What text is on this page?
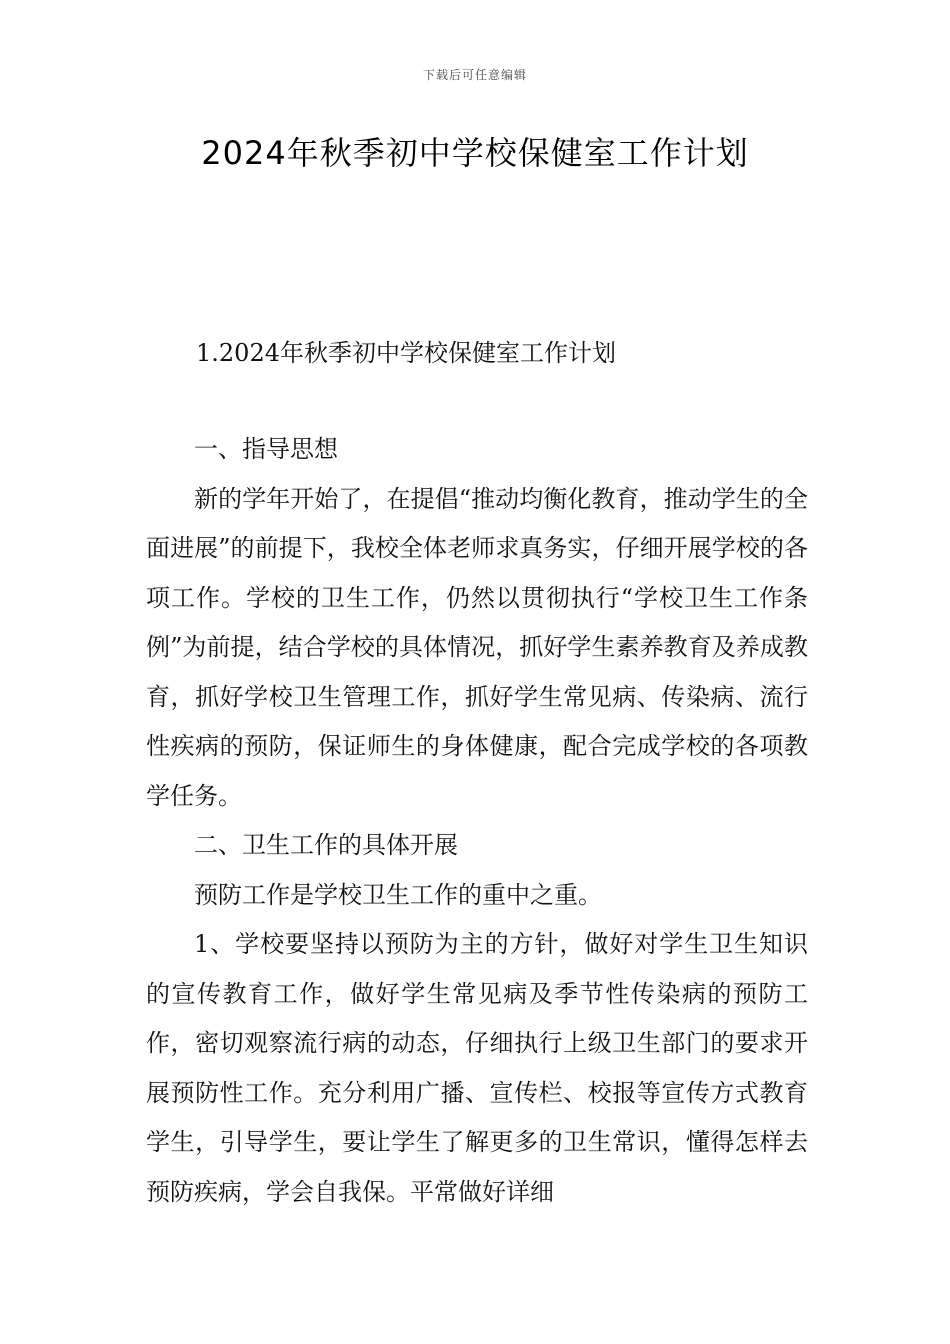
下载后可任意编辑
2024年秋季初中学校保健室工作计划
1.2024年秋季初中学校保健室工作计划

一、指导思想

新的学年开始了，在提倡“推动均衡化教育，推动学生的全面进展”的前提下，我校全体老师求真务实，仔细开展学校的各项工作。学校的卫生工作，仍然以贯彻执行“学校卫生工作条例”为前提，结合学校的具体情况，抓好学生素养教育及养成教育，抓好学校卫生管理工作，抓好学生常见病、传染病、流行性疾病的预防，保证师生的身体健康，配合完成学校的各项教学任务。

二、卫生工作的具体开展

预防工作是学校卫生工作的重中之重。

1、学校要坚持以预防为主的方针，做好对学生卫生知识的宣传教育工作，做好学生常见病及季节性传染病的预防工作，密切观察流行病的动态，仔细执行上级卫生部门的要求开展预防性工作。充分利用广播、宣传栏、校报等宣传方式教育学生，引导学生，要让学生了解更多的卫生常识，懂得怎样去预防疾病，学会自我保。平常做好详细
